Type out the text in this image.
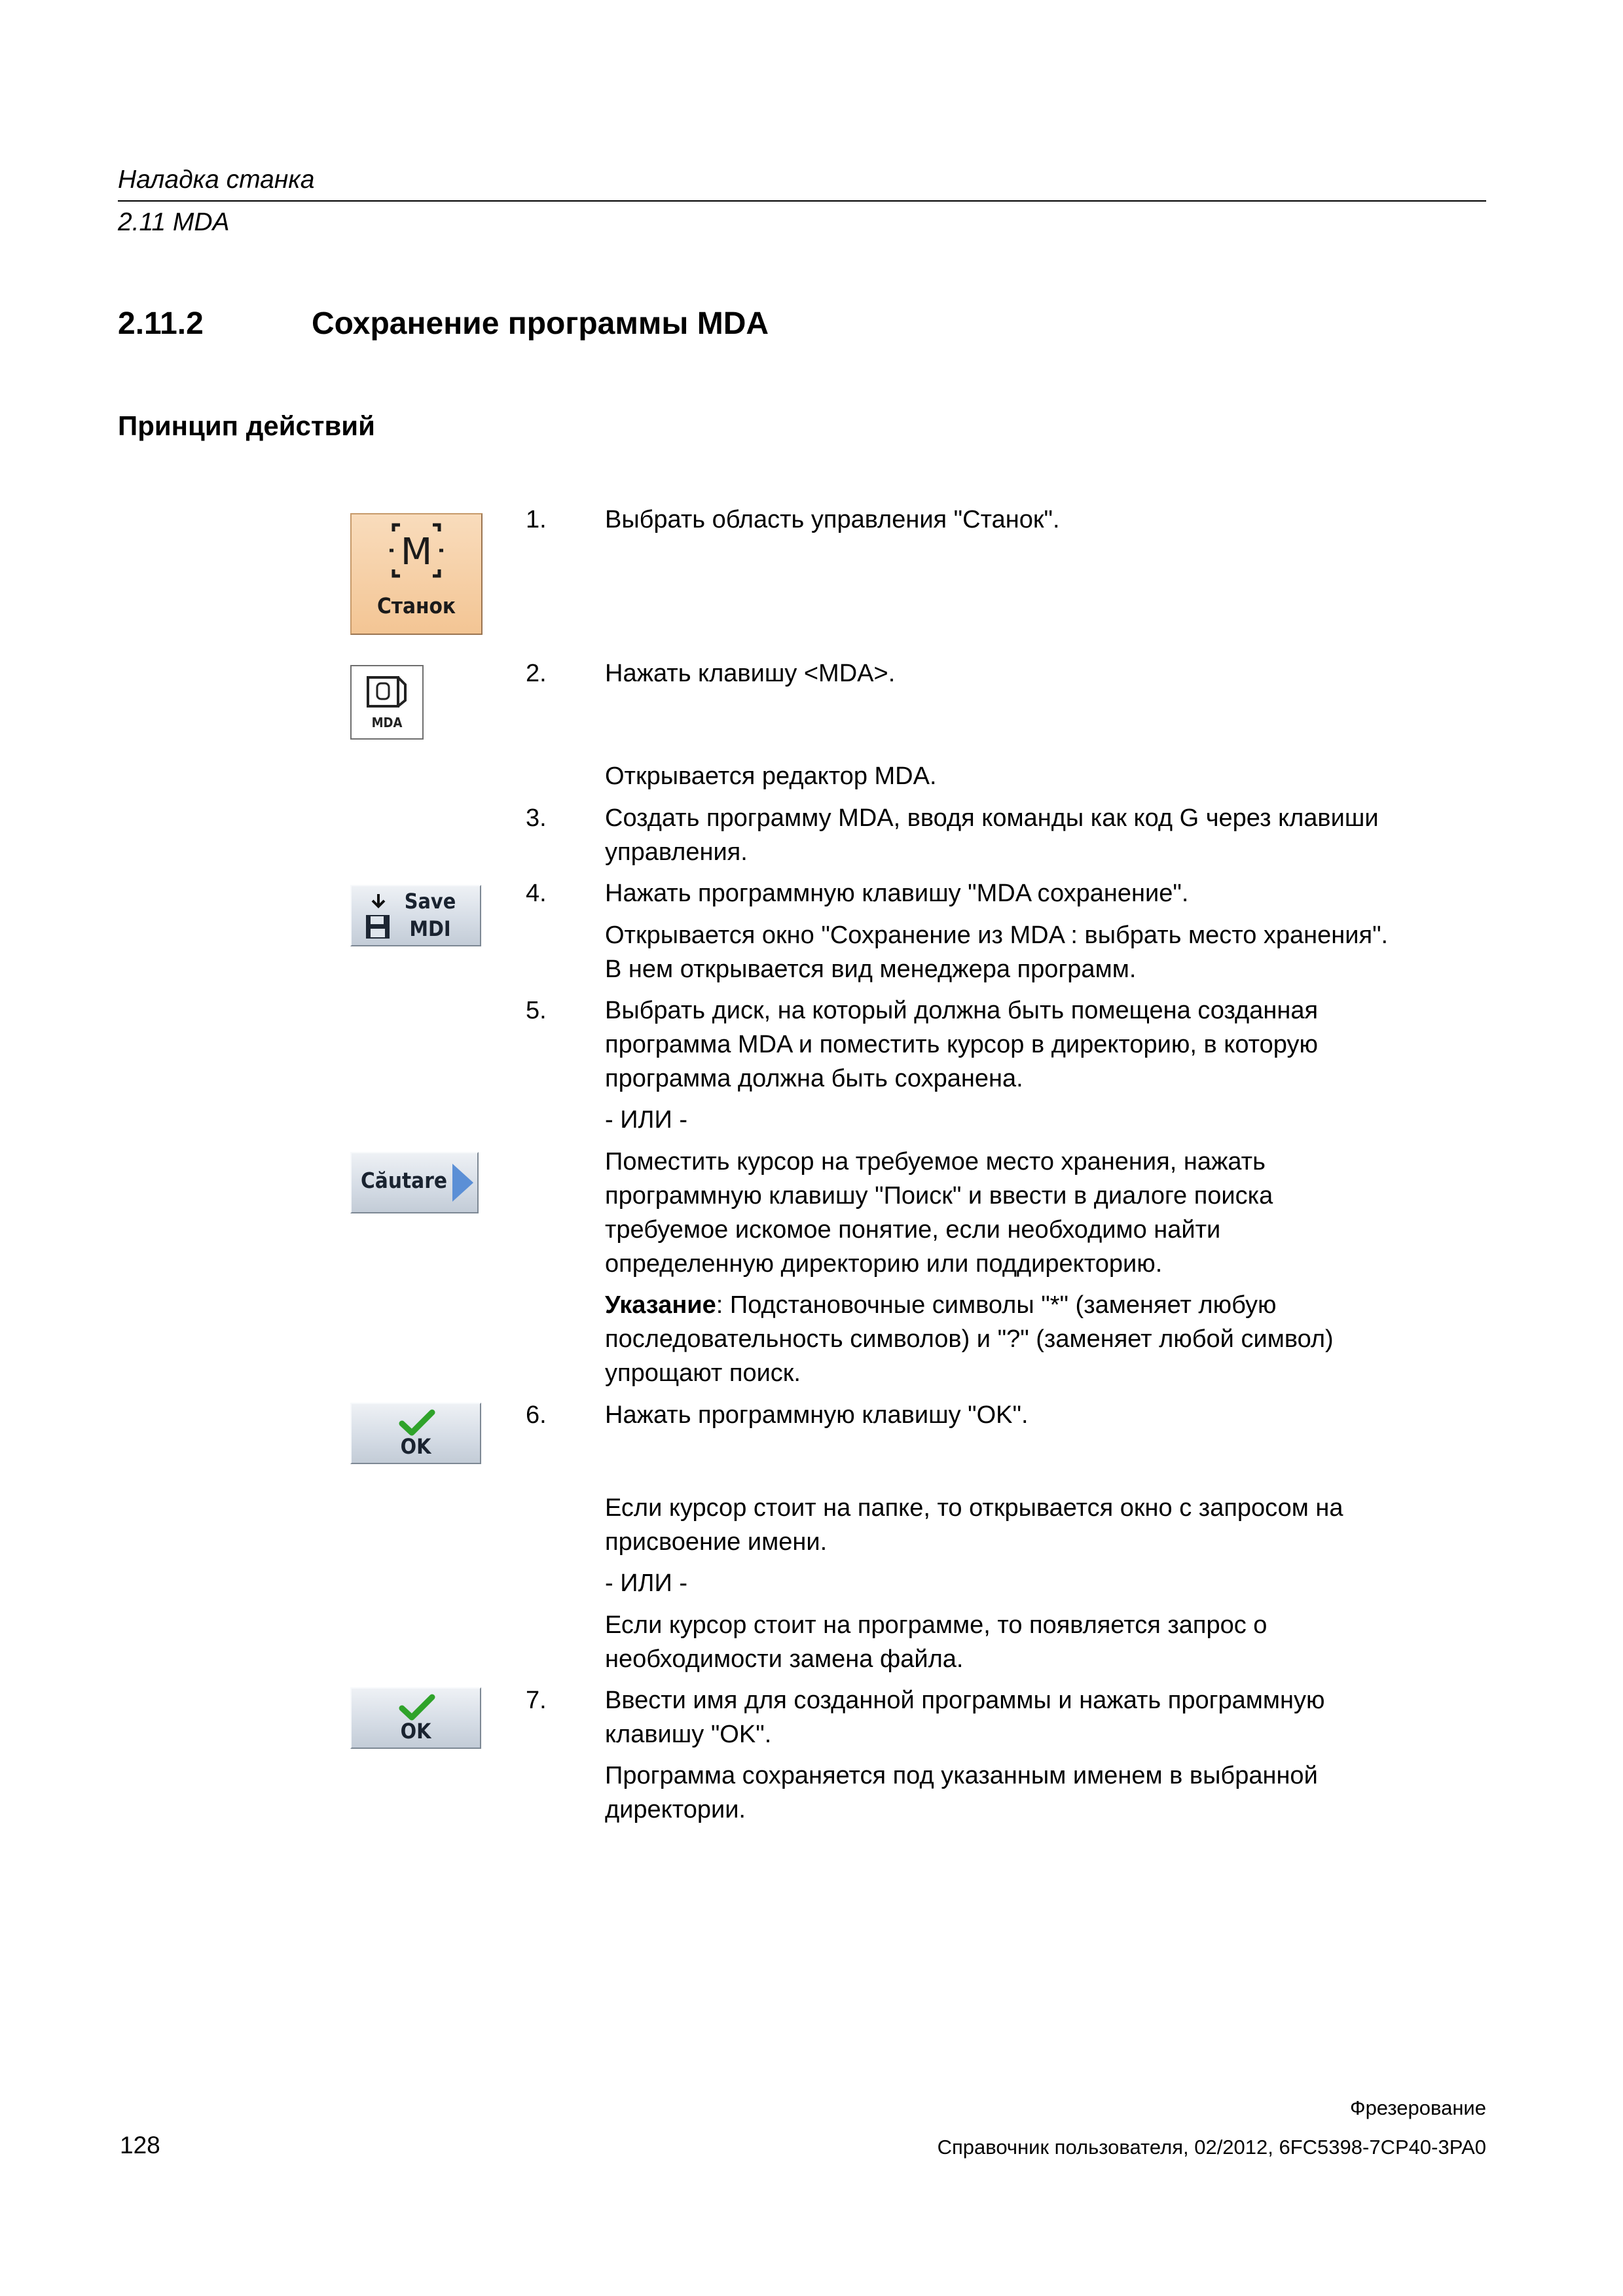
Наладка станка
2.11 MDA
2.11.2	Сохранение программы MDA
Принцип действий
M
Станок
MDA
Save
MDI
Căutare
OK
OK
1. Выбрать область управления "Станок".
2. Нажать клавишу <MDA>.
Открывается редактор MDA.
3. Создать программу MDA, вводя команды как код G через клавиши
управления.
4. Нажать программную клавишу "MDA сохранение".
Открывается окно "Сохранение из MDA : выбрать место хранения".
В нем открывается вид менеджера программ.
5. Выбрать диск, на который должна быть помещена созданная
программа MDA и поместить курсор в директорию, в которую
программа должна быть сохранена.
- ИЛИ -
Поместить курсор на требуемое место хранения, нажать
программную клавишу "Поиск" и ввести в диалоге поиска
требуемое искомое понятие, если необходимо найти
определенную директорию или поддиректорию.
Указание: Подстановочные символы "*" (заменяет любую
последовательность символов) и "?" (заменяет любой символ)
упрощают поиск.
6. Нажать программную клавишу "OK".
Если курсор стоит на папке, то открывается окно с запросом на
присвоение имени.
- ИЛИ -
Если курсор стоит на программе, то появляется запрос о
необходимости замена файла.
7. Ввести имя для созданной программы и нажать программную
клавишу "OK".
Программа сохраняется под указанным именем в выбранной
директории.
Фрезерование
128	Справочник пользователя, 02/2012, 6FC5398-7CP40-3PA0
